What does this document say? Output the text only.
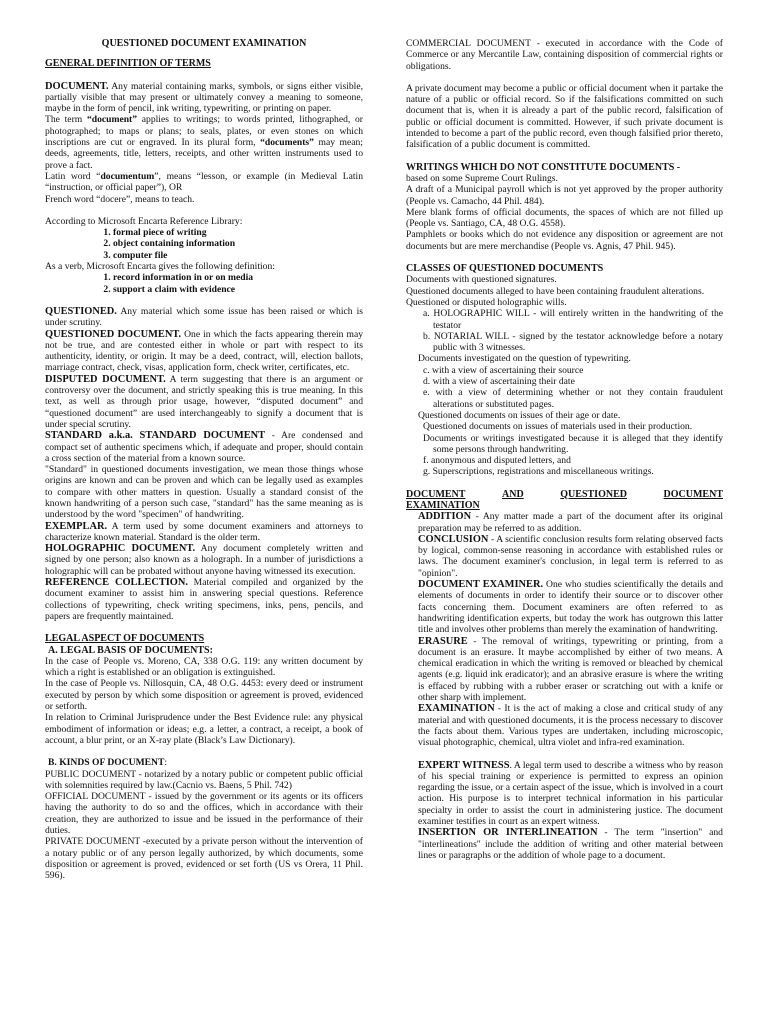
QUESTIONED DOCUMENT EXAMINATION

GENERAL DEFINITION OF TERMS

DOCUMENT. Any material containing marks, symbols, or signs either visible, partially visible that may present or ultimately convey a meaning to someone, maybe in the form of pencil, ink writing, typewriting, or printing on paper.

The term “document” applies to writings; to words printed, lithographed, or photographed; to maps or plans; to seals, plates, or even stones on which inscriptions are cut or engraved. In its plural form, “documents” may mean; deeds, agreements, title, letters, receipts, and other written instruments used to prove a fact.

Latin word “documentum”, means “lesson, or example (in Medieval Latin “instruction, or official paper”), OR

French word “docere”, means to teach.

According to Microsoft Encarta Reference Library:

1. formal piece of writing
2. object containing information
3. computer file

As a verb, Microsoft Encarta gives the following definition:

1. record information in or on media
2. support a claim with evidence

QUESTIONED. Any material which some issue has been raised or which is under scrutiny.

QUESTIONED DOCUMENT. One in which the facts appearing therein may not be true, and are contested either in whole or part with respect to its authenticity, identity, or origin. It may be a deed, contract, will, election ballots, marriage contract, check, visas, application form, check writer, certificates, etc.

DISPUTED DOCUMENT. A term suggesting that there is an argument or controversy over the document, and strictly speaking this is true meaning. In this text, as well as through prior usage, however, “disputed document” and “questioned document” are used interchangeably to signify a document that is under special scrutiny.

STANDARD a.k.a. STANDARD DOCUMENT - Are condensed and compact set of authentic specimens which, if adequate and proper, should contain a cross section of the material from a known source.

"Standard" in questioned documents investigation, we mean those things whose origins are known and can be proven and which can be legally used as examples to compare with other matters in question. Usually a standard consist of the known handwriting of a person such case, "standard" has the same meaning as is understood by the word "specimen" of handwriting.

EXEMPLAR. A term used by some document examiners and attorneys to characterize known material. Standard is the older term.

HOLOGRAPHIC DOCUMENT. Any document completely written and signed by one person; also known as a holograph. In a number of jurisdictions a holographic will can be probated without anyone having witnessed its execution.

REFERENCE COLLECTION. Material compiled and organized by the document examiner to assist him in answering special questions. Reference collections of typewriting, check writing specimens, inks, pens, pencils, and papers are frequently maintained.

LEGAL ASPECT OF DOCUMENTS

A. LEGAL BASIS OF DOCUMENTS:

In the case of People vs. Moreno, CA, 338 O.G. 119: any written document by which a right is established or an obligation is extinguished.

In the case of People vs. Nillosquin, CA, 48 O.G. 4453: every deed or instrument executed by person by which some disposition or agreement is proved, evidenced or setforth.

In relation to Criminal Jurisprudence under the Best Evidence rule: any physical embodiment of information or ideas; e.g. a letter, a contract, a receipt, a book of account, a blur print, or an X-ray plate (Black’s Law Dictionary).

B. KINDS OF DOCUMENT:

PUBLIC DOCUMENT - notarized by a notary public or competent public official with solemnities required by law.(Cacnio vs. Baens, 5 Phil. 742)

OFFICIAL DOCUMENT - issued by the government or its agents or its officers having the authority to do so and the offices, which in accordance with their creation, they are authorized to issue and be issued in the performance of their duties.

PRIVATE DOCUMENT -executed by a private person without the intervention of a notary public or of any person legally authorized, by which documents, some disposition or agreement is proved, evidenced or set forth (US vs Orera, 11 Phil. 596).

COMMERCIAL DOCUMENT - executed in accordance with the Code of Commerce or any Mercantile Law, containing disposition of commercial rights or obligations.

A private document may become a public or official document when it partake the nature of a public or official record. So if the falsifications committed on such document that is, when it is already a part of the public record, falsification of public or official document is committed. However, if such private document is intended to become a part of the public record, even though falsified prior thereto, falsification of a public document is committed.

WRITINGS WHICH DO NOT CONSTITUTE DOCUMENTS -

based on some Supreme Court Rulings.

A draft of a Municipal payroll which is not yet approved by the proper authority (People vs. Camacho, 44 Phil. 484).

Mere blank forms of official documents, the spaces of which are not filled up (People vs. Santiago, CA, 48 O.G. 4558).

Pamphlets or books which do not evidence any disposition or agreement are not documents but are mere merchandise (People vs. Agnis, 47 Phil. 945).

CLASSES OF QUESTIONED DOCUMENTS

Documents with questioned signatures.

Questioned documents alleged to have been containing fraudulent alterations.

Questioned or disputed holographic wills.

a. HOLOGRAPHIC WILL - will entirely written in the handwriting of the testator
b. NOTARIAL WILL - signed by the testator acknowledge before a notary public with 3 witnesses.

Documents investigated on the question of typewriting.

c. with a view of ascertaining their source
d. with a view of ascertaining their date
e. with a view of determining whether or not they contain fraudulent alterations or substituted pages.

Questioned documents on issues of their age or date.

Questioned documents on issues of materials used in their production.
Documents or writings investigated because it is alleged that they identify some persons through handwriting.
f. anonymous and disputed letters, and
g. Superscriptions, registrations and miscellaneous writings.
DOCUMENT	AND	QUESTIONED	DOCUMENT

EXAMINATION

ADDITION - Any matter made a part of the document after its original preparation may be referred to as addition.

CONCLUSION - A scientific conclusion results form relating observed facts by logical, common-sense reasoning in accordance with established rules or laws. The document examiner's conclusion, in legal term is referred to as "opinion".

DOCUMENT EXAMINER. One who studies scientifically the details and elements of documents in order to identify their source or to discover other facts concerning them. Document examiners are often referred to as handwriting identification experts, but today the work has outgrown this latter title and involves other problems than merely the examination of handwriting.

ERASURE - The removal of writings, typewriting or printing, from a document is an erasure. It maybe accomplished by either of two means. A chemical eradication in which the writing is removed or bleached by chemical agents (e.g. liquid ink eradicator); and an abrasive erasure is where the writing is effaced by rubbing with a rubber eraser or scratching out with a knife or other sharp with implement.

EXAMINATION - It is the act of making a close and critical study of any material and with questioned documents, it is the process necessary to discover the facts about them. Various types are undertaken, including microscopic, visual photographic, chemical, ultra violet and infra-red examination.

EXPERT WITNESS. A legal term used to describe a witness who by reason of his special training or experience is permitted to express an opinion regarding the issue, or a certain aspect of the issue, which is involved in a court action. His purpose is to interpret technical information in his particular specialty in order to assist the court in administering justice. The document examiner testifies in court as an expert witness.

INSERTION OR INTERLINEATION - The term "insertion" and "interlineations" include the addition of writing and other material between lines or paragraphs or the addition of whole page to a document.
